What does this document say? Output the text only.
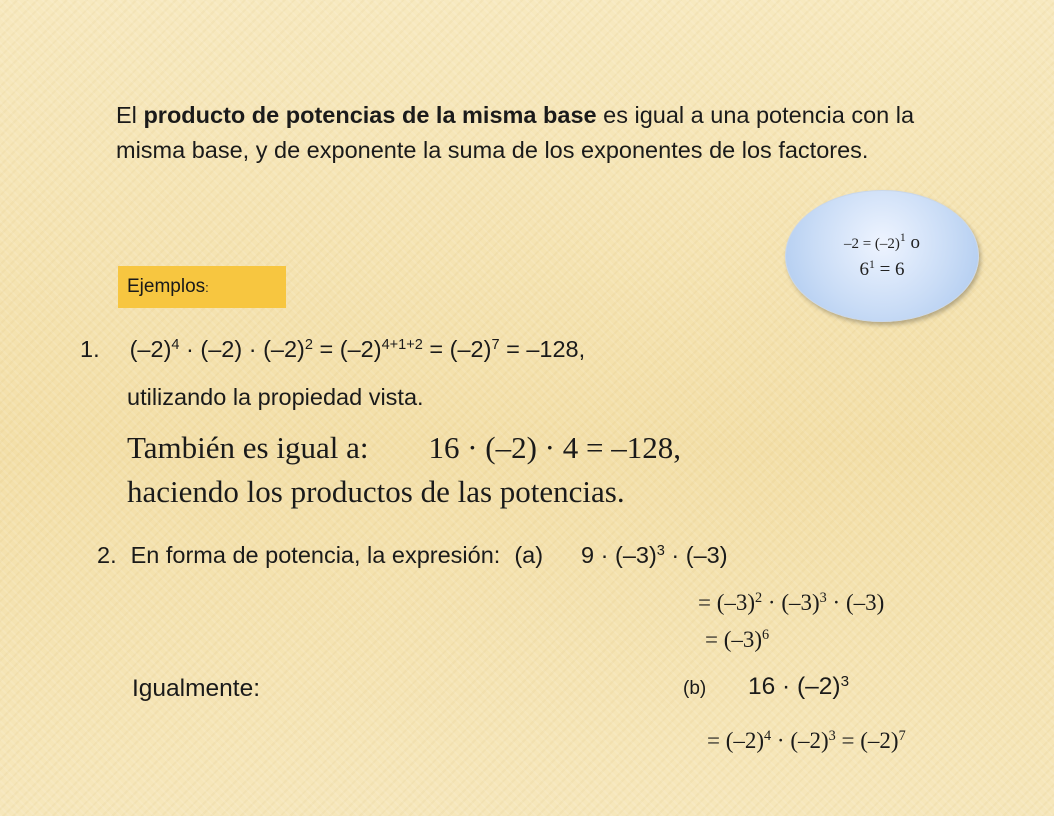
El producto de potencias de la misma base es igual a una potencia con la misma base, y de exponente la suma de los exponentes de los factores.
$-2 = (-2)^1$ o
$6^1 = 6$
Ejemplos :
1. $(-2)^4 \cdot (-2) \cdot (-2)^2 = (-2)^{4+1+2} = (-2)^7 = -128$,
utilizando la propiedad vista.
También es igual a: 16 · (–2) · 4 = –128,
haciendo los productos de las potencias.
2. En forma de potencia, la expresión: (a) $9 \cdot (-3)^3 \cdot (-3)$
= $(-3)^2 \cdot (-3)^3 \cdot (-3)$
= $(-3)^6$
Igualmente:	(b) $16 \cdot (-2)^3$
= $(-2)^4 \cdot (-2)^3 = (-2)^7$
